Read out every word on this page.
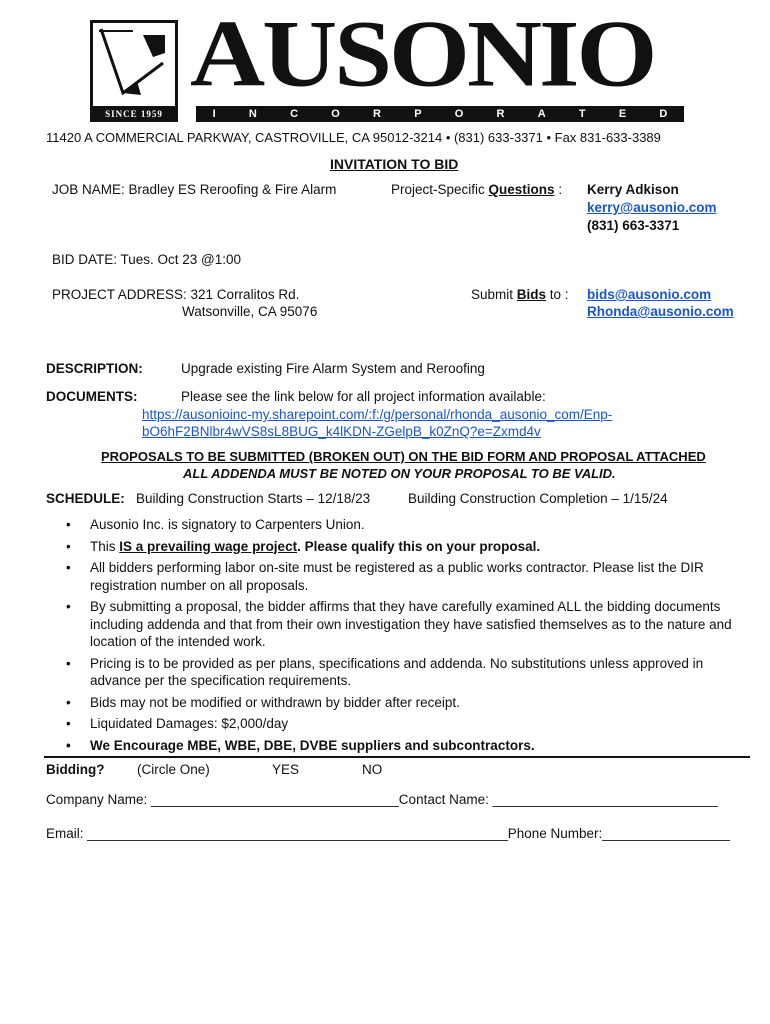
SINCE 1959
AUSONIO
I	N	C	O	R	P	O	R	A	T	E	D
11420 A COMMERCIAL PARKWAY, CASTROVILLE, CA 95012-3214 • (831) 633-3371 • Fax 831-633-3389
INVITATION TO BID
JOB NAME: Bradley ES Reroofing & Fire Alarm	Project-Specific Questions : Kerry Adkison
kerry@ausonio.com
(831) 663-3371
BID DATE: Tues. Oct 23 @1:00
PROJECT ADDRESS: 321 Corralitos Rd.
Watsonville, CA 95076
Submit Bids to : bids@ausonio.com
Rhonda@ausonio.com
DESCRIPTION:	Upgrade existing Fire Alarm System and Reroofing
DOCUMENTS:	Please see the link below for all project information available:
https://ausonioinc-my.sharepoint.com/:f:/g/personal/rhonda_ausonio_com/Enp-
bO6hF2BNlbr4wVS8sL8BUG_k4lKDN-ZGelpB_k0ZnQ?e=Zxmd4v
PROPOSALS TO BE SUBMITTED (BROKEN OUT) ON THE BID FORM AND PROPOSAL ATTACHED
ALL ADDENDA MUST BE NOTED ON YOUR PROPOSAL TO BE VALID.
SCHEDULE: Building Construction Starts – 12/18/23	Building Construction Completion – 1/15/24
• Ausonio Inc. is signatory to Carpenters Union.
• This IS a prevailing wage project. Please qualify this on your proposal.
• All bidders performing labor on-site must be registered as a public works contractor. Please list the DIR registration number on all proposals.
• By submitting a proposal, the bidder affirms that they have carefully examined ALL the bidding documents including addenda and that from their own investigation they have satisfied themselves as to the nature and location of the intended work.
• Pricing is to be provided as per plans, specifications and addenda. No substitutions unless approved in advance per the specification requirements.
• Bids may not be modified or withdrawn by bidder after receipt.
• Liquidated Damages: $2,000/day
• We Encourage MBE, WBE, DBE, DVBE suppliers and subcontractors.
Bidding? (Circle One)	YES	NO
Company Name: _________________________________Contact Name: ______________________________
Email: ________________________________________________________Phone Number:_________________
